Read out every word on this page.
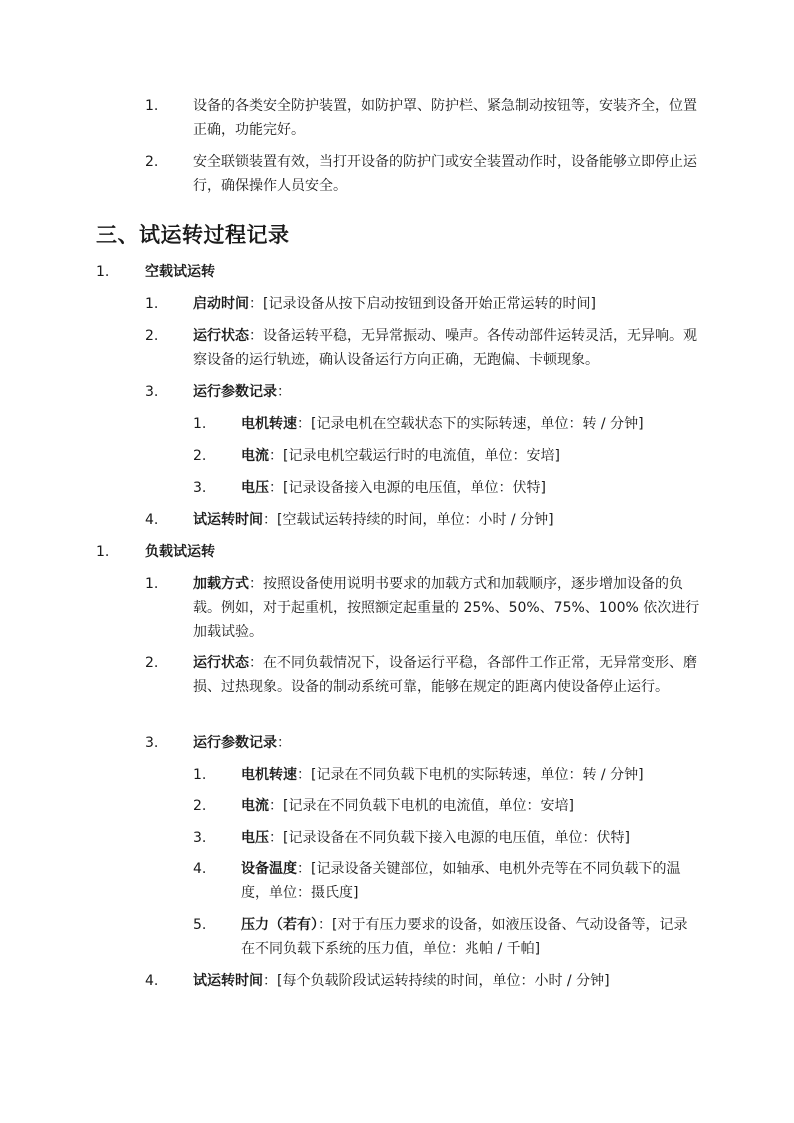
1. 设备的各类安全防护装置，如防护罩、防护栏、紧急制动按钮等，安装齐全，位置正确，功能完好。
2. 安全联锁装置有效，当打开设备的防护门或安全装置动作时，设备能够立即停止运行，确保操作人员安全。
三、试运转过程记录
1.	空载试运转
1. 启动时间：[记录设备从按下启动按钮到设备开始正常运转的时间]
2. 运行状态：设备运转平稳，无异常振动、噪声。各传动部件运转灵活，无异响。观察设备的运行轨迹，确认设备运行方向正确，无跑偏、卡顿现象。
3. 运行参数记录：
1. 电机转速：[记录电机在空载状态下的实际转速，单位：转 / 分钟]
2. 电流：[记录电机空载运行时的电流值，单位：安培]
3. 电压：[记录设备接入电源的电压值，单位：伏特]
4. 试运转时间：[空载试运转持续的时间，单位：小时 / 分钟]
1.	负载试运转
1. 加载方式：按照设备使用说明书要求的加载方式和加载顺序，逐步增加设备的负载。例如，对于起重机，按照额定起重量的 25%、50%、75%、100% 依次进行加载试验。
2. 运行状态：在不同负载情况下，设备运行平稳，各部件工作正常，无异常变形、磨损、过热现象。设备的制动系统可靠，能够在规定的距离内使设备停止运行。
3. 运行参数记录：
1. 电机转速：[记录在不同负载下电机的实际转速，单位：转 / 分钟]
2. 电流：[记录在不同负载下电机的电流值，单位：安培]
3. 电压：[记录设备在不同负载下接入电源的电压值，单位：伏特]
4. 设备温度：[记录设备关键部位，如轴承、电机外壳等在不同负载下的温度，单位：摄氏度]
5. 压力（若有）：[对于有压力要求的设备，如液压设备、气动设备等，记录在不同负载下系统的压力值，单位：兆帕 / 千帕]
4. 试运转时间：[每个负载阶段试运转持续的时间，单位：小时 / 分钟]
